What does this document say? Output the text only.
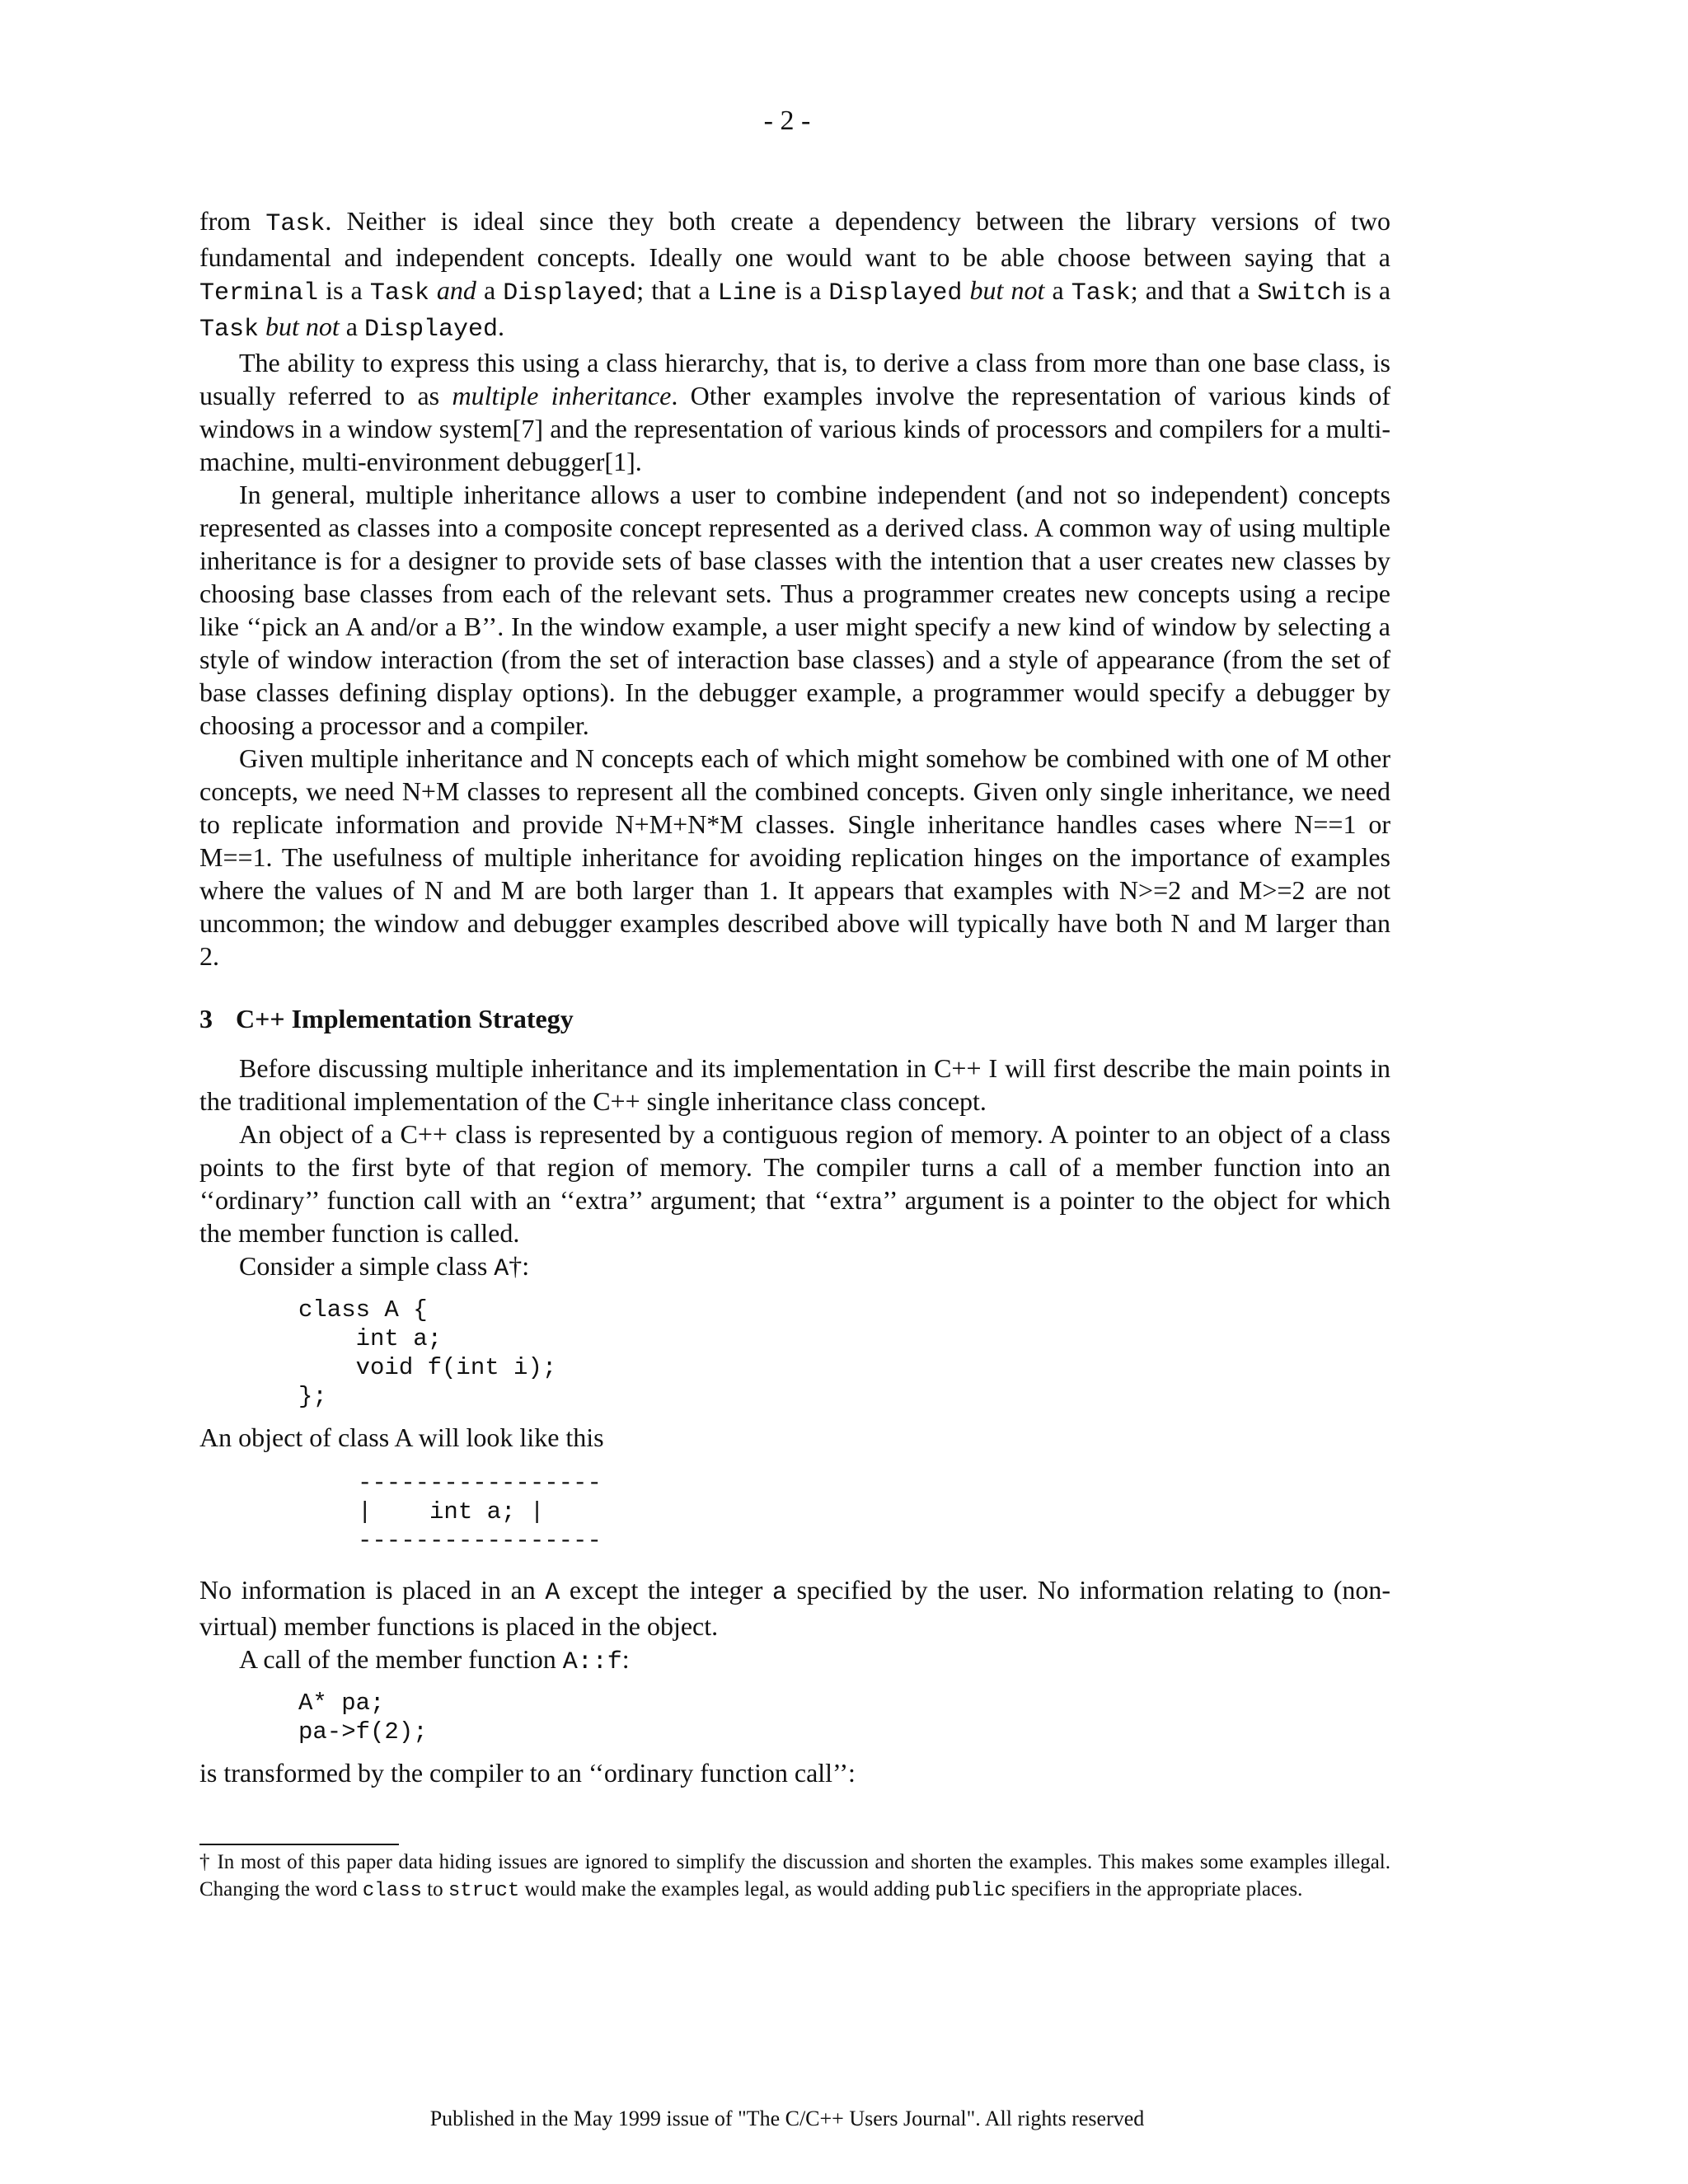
- 2 -

from Task. Neither is ideal since they both create a dependency between the library versions of two fundamental and independent concepts. Ideally one would want to be able choose between saying that a Terminal is a Task and a Displayed; that a Line is a Displayed but not a Task; and that a Switch is a Task but not a Displayed.

The ability to express this using a class hierarchy, that is, to derive a class from more than one base class, is usually referred to as multiple inheritance. Other examples involve the representation of various kinds of windows in a window system[7] and the representation of various kinds of processors and compilers for a multi-machine, multi-environment debugger[1].

In general, multiple inheritance allows a user to combine independent (and not so independent) concepts represented as classes into a composite concept represented as a derived class. A common way of using multiple inheritance is for a designer to provide sets of base classes with the intention that a user creates new classes by choosing base classes from each of the relevant sets. Thus a programmer creates new concepts using a recipe like ‘‘pick an A and/or a B’’. In the window example, a user might specify a new kind of window by selecting a style of window interaction (from the set of interaction base classes) and a style of appearance (from the set of base classes defining display options). In the debugger example, a programmer would specify a debugger by choosing a processor and a compiler.

Given multiple inheritance and N concepts each of which might somehow be combined with one of M other concepts, we need N+M classes to represent all the combined concepts. Given only single inheritance, we need to replicate information and provide N+M+N*M classes. Single inheritance handles cases where N==1 or M==1. The usefulness of multiple inheritance for avoiding replication hinges on the importance of examples where the values of N and M are both larger than 1. It appears that examples with N>=2 and M>=2 are not uncommon; the window and debugger examples described above will typically have both N and M larger than 2.

3 C++ Implementation Strategy

Before discussing multiple inheritance and its implementation in C++ I will first describe the main points in the traditional implementation of the C++ single inheritance class concept.

An object of a C++ class is represented by a contiguous region of memory. A pointer to an object of a class points to the first byte of that region of memory. The compiler turns a call of a member function into an ‘‘ordinary’’ function call with an ‘‘extra’’ argument; that ‘‘extra’’ argument is a pointer to the object for which the member function is called.

Consider a simple class A†:

class A {
int a;
void f(int i);
};

An object of class A will look like this

-----------------
|    int a; |
-----------------

No information is placed in an A except the integer a specified by the user. No information relating to (non-virtual) member functions is placed in the object.

A call of the member function A::f:

A* pa;
pa->f(2);

is transformed by the compiler to an ‘‘ordinary function call’’:

† In most of this paper data hiding issues are ignored to simplify the discussion and shorten the examples. This makes some examples illegal. Changing the word class to struct would make the examples legal, as would adding public specifiers in the appropriate places.

Published in the May 1999 issue of "The C/C++ Users Journal". All rights reserved
